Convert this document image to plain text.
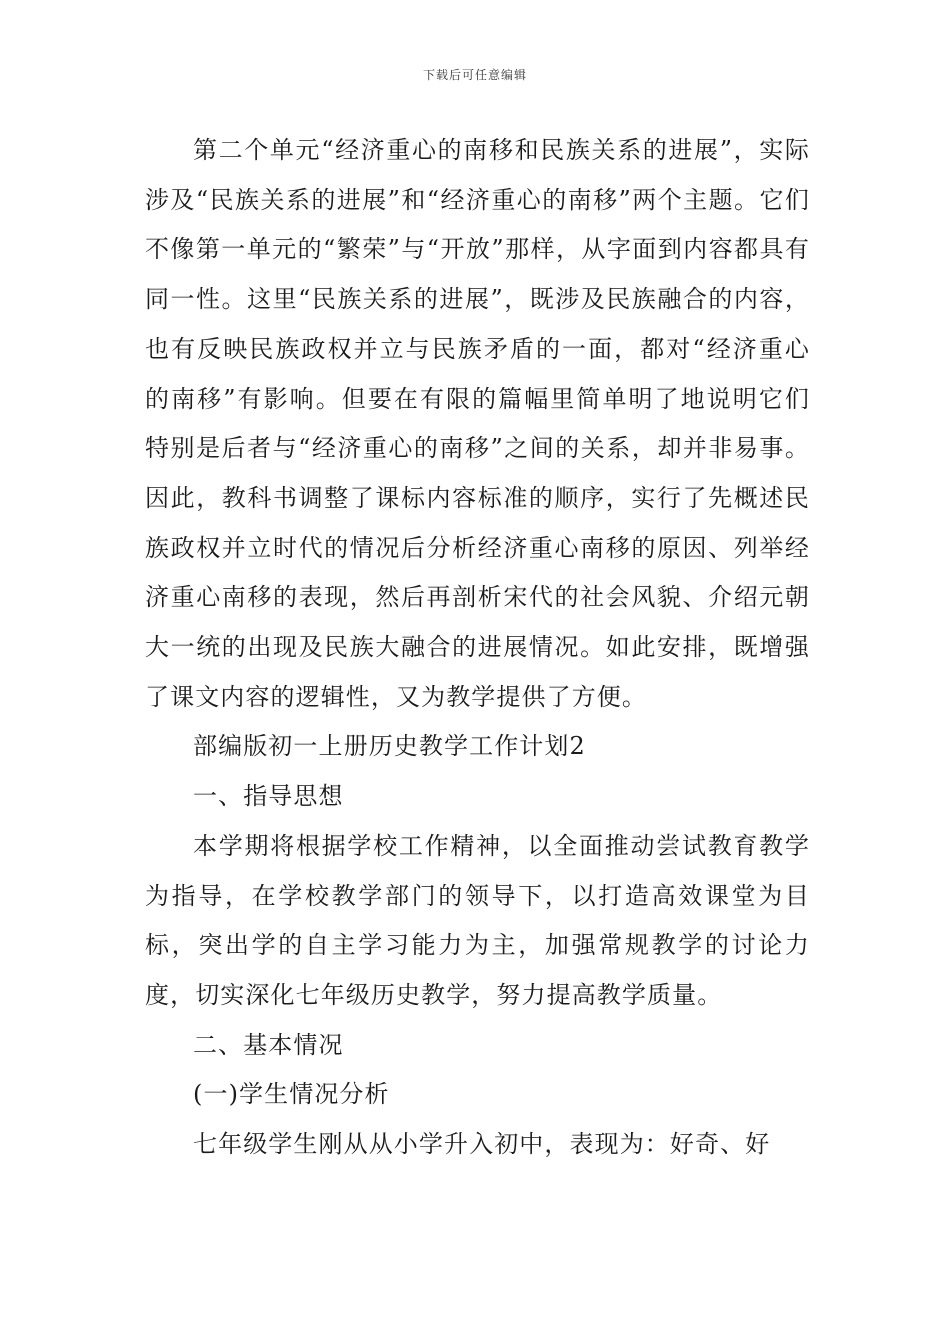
下载后可任意编辑

第二个单元“经济重心的南移和民族关系的进展”，实际涉及“民族关系的进展”和“经济重心的南移”两个主题。它们不像第一单元的“繁荣”与“开放”那样，从字面到内容都具有同一性。这里“民族关系的进展”，既涉及民族融合的内容，也有反映民族政权并立与民族矛盾的一面，都对“经济重心的南移”有影响。但要在有限的篇幅里简单明了地说明它们特别是后者与“经济重心的南移”之间的关系，却并非易事。因此，教科书调整了课标内容标准的顺序，实行了先概述民族政权并立时代的情况后分析经济重心南移的原因、列举经济重心南移的表现，然后再剖析宋代的社会风貌、介绍元朝大一统的出现及民族大融合的进展情况。如此安排，既增强了课文内容的逻辑性，又为教学提供了方便。

部编版初一上册历史教学工作计划2

一、指导思想

本学期将根据学校工作精神，以全面推动尝试教育教学为指导，在学校教学部门的领导下，以打造高效课堂为目标，突出学的自主学习能力为主，加强常规教学的讨论力度，切实深化七年级历史教学，努力提高教学质量。

二、基本情况

(一)学生情况分析

七年级学生刚从从小学升入初中，表现为：好奇、好
